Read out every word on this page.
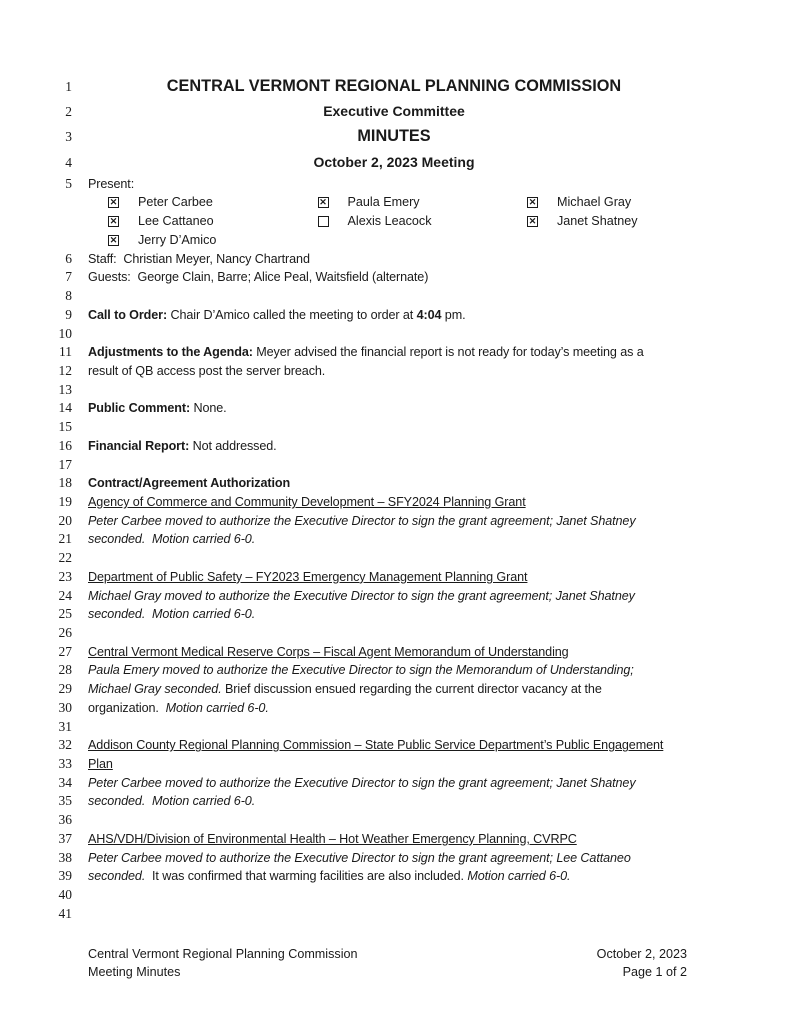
1	CENTRAL VERMONT REGIONAL PLANNING COMMISSION
2	Executive Committee
3	MINUTES
4	October 2, 2023 Meeting
5 Present:
✕ Peter Carbee	✕ Paula Emery	✕ Michael Gray
✕ Lee Cattaneo	Alexis Leacock	✕ Janet Shatney
✕ Jerry D’Amico
6 Staff:  Christian Meyer, Nancy Chartrand
7 Guests:  George Clain, Barre; Alice Peal, Waitsfield (alternate)
8
9 Call to Order: Chair D’Amico called the meeting to order at 4:04 pm.
10
11 Adjustments to the Agenda: Meyer advised the financial report is not ready for today’s meeting as a
12 result of QB access post the server breach.
13
14 Public Comment: None.
15
16 Financial Report: Not addressed.
17
18 Contract/Agreement Authorization
19 Agency of Commerce and Community Development – SFY2024 Planning Grant
20 Peter Carbee moved to authorize the Executive Director to sign the grant agreement; Janet Shatney
21 seconded.  Motion carried 6-0.
22
23 Department of Public Safety – FY2023 Emergency Management Planning Grant
24 Michael Gray moved to authorize the Executive Director to sign the grant agreement; Janet Shatney
25 seconded.  Motion carried 6-0.
26
27 Central Vermont Medical Reserve Corps – Fiscal Agent Memorandum of Understanding
28 Paula Emery moved to authorize the Executive Director to sign the Memorandum of Understanding;
29 Michael Gray seconded. Brief discussion ensued regarding the current director vacancy at the
30 organization.  Motion carried 6-0.
31
32 Addison County Regional Planning Commission – State Public Service Department’s Public Engagement
33 Plan
34 Peter Carbee moved to authorize the Executive Director to sign the grant agreement; Janet Shatney
35 seconded.  Motion carried 6-0.
36
37 AHS/VDH/Division of Environmental Health – Hot Weather Emergency Planning, CVRPC
38 Peter Carbee moved to authorize the Executive Director to sign the grant agreement; Lee Cattaneo
39 seconded.  It was confirmed that warming facilities are also included. Motion carried 6-0.
40
41
Central Vermont Regional Planning Commission
Meeting Minutes
October 2, 2023
Page 1 of 2
